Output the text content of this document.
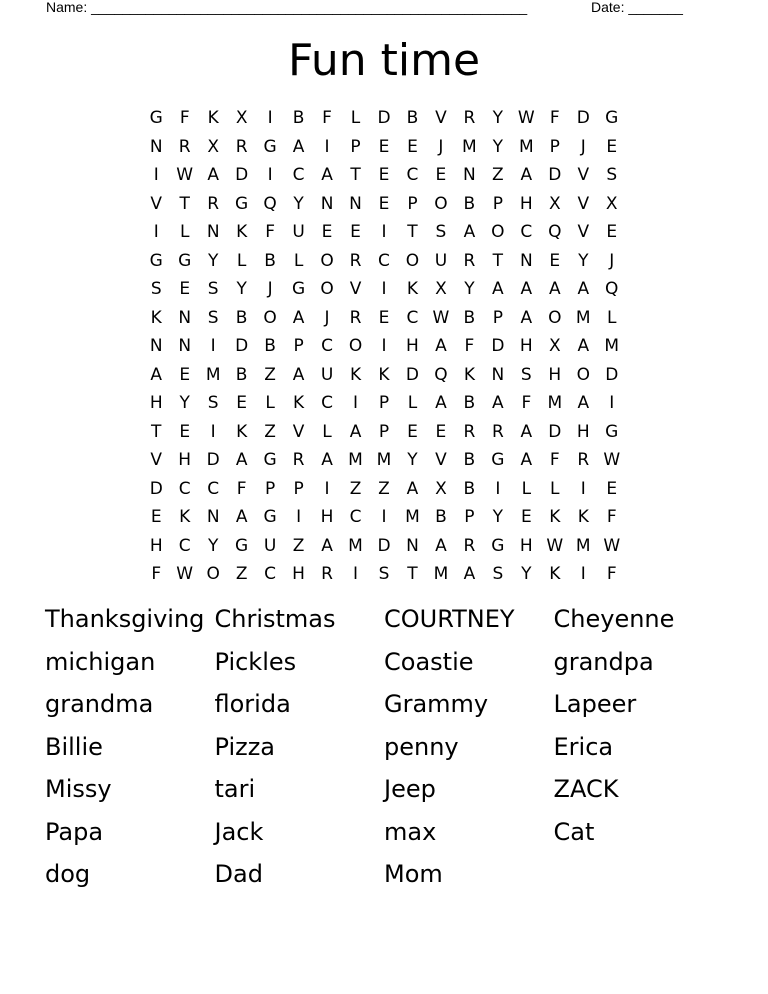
Name: ________________________________________________________	Date: _______
Fun time
G F	K	X	I	B	F	L	D B V R	Y W F	D G
N R X R G A	I	P	E	E	J	M Y M P	J	E
I	W A D	I	C A	T	E	C	E N Z A D V	S
V	T	R G Q Y N N E	P O B	P H X V X
I	L	N K	F	U E	E	I	T	S	A O C Q V	E
G G Y	L	B	L	O R C O U R	T N E	Y	J
S	E	S	Y	J	G O V	I	K	X	Y	A A A A Q
K N S	B O A	J	R	E	C W B	P	A O M L
N N	I	D B	P	C O	I	H A	F	D H X A M
A	E M B Z A U K	K D Q K N S H O D
H Y	S	E	L	K C	I	P	L	A B A	F M A	I
T	E	I	K	Z V	L	A	P	E	E	R R A D H G
V H D A G R A M M Y	V B G A	F	R W
D C C	F	P	P	I	Z Z A X B	I	L	L	I	E
E	K N A G	I	H C	I	M B	P	Y	E	K	K	F
H C	Y G U Z A M D N A R G H W M W
F W O Z C H R	I	S	T M A	S	Y	K	I	F
Thanksgiving Christmas	COURTNEY	Cheyenne
michigan	Pickles	Coastie	grandpa
grandma	florida	Grammy	Lapeer
Billie	Pizza	penny	Erica
Missy	tari	Jeep	ZACK
Papa	Jack	max	Cat
dog	Dad	Mom
